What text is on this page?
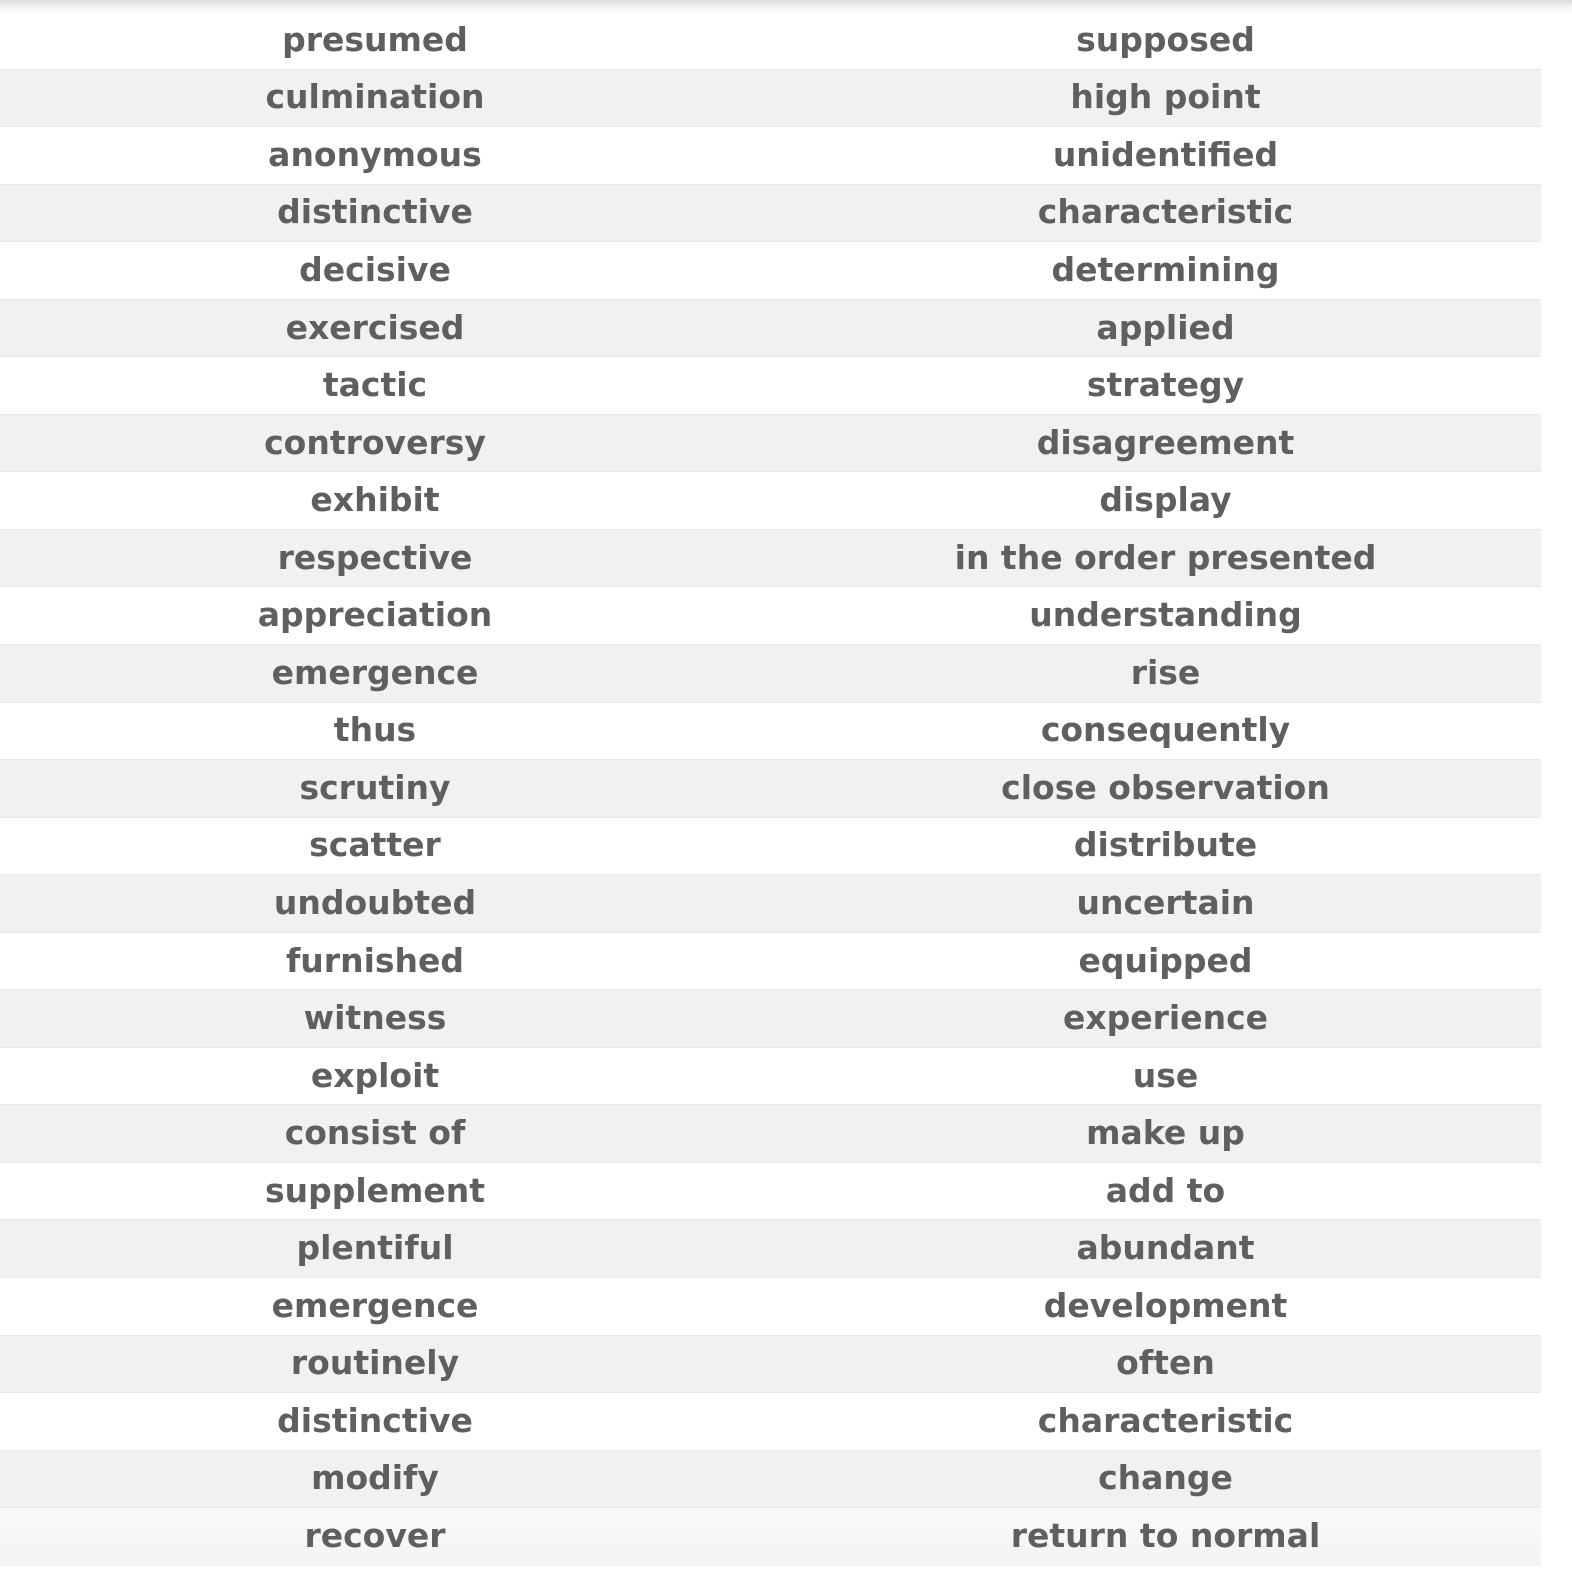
presumed	supposed
culmination	high point
anonymous	unidentified
distinctive	characteristic
decisive	determining
exercised	applied
tactic	strategy
controversy	disagreement
exhibit	display
respective	in the order presented
appreciation	understanding
emergence	rise
thus	consequently
scrutiny	close observation
scatter	distribute
undoubted	uncertain
furnished	equipped
witness	experience
exploit	use
consist of	make up
supplement	add to
plentiful	abundant
emergence	development
routinely	often
distinctive	characteristic
modify	change
recover	return to normal
